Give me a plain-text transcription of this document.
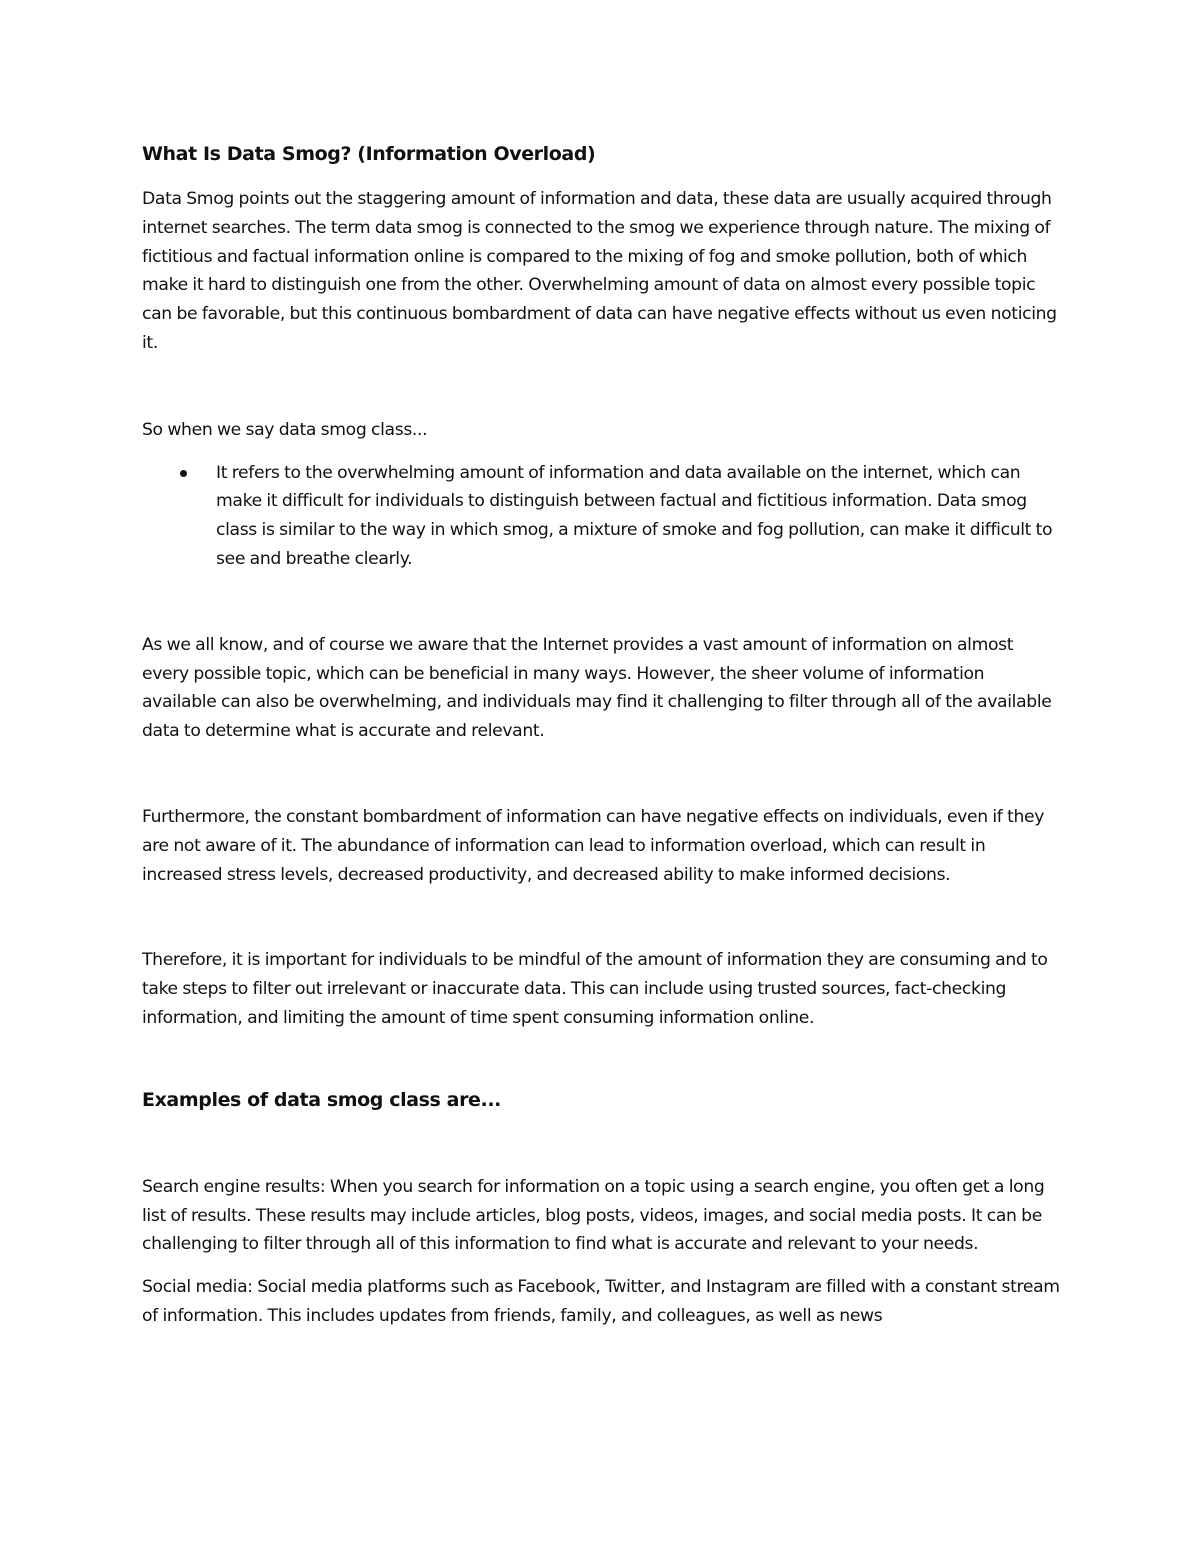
What Is Data Smog? (Information Overload)

Data Smog points out the staggering amount of information and data, these data are usually acquired through internet searches. The term data smog is connected to the smog we experience through nature. The mixing of fictitious and factual information online is compared to the mixing of fog and smoke pollution, both of which make it hard to distinguish one from the other. Overwhelming amount of data on almost every possible topic can be favorable, but this continuous bombardment of data can have negative effects without us even noticing it.

So when we say data smog class...

It refers to the overwhelming amount of information and data available on the internet, which can make it difficult for individuals to distinguish between factual and fictitious information. Data smog class is similar to the way in which smog, a mixture of smoke and fog pollution, can make it difficult to see and breathe clearly.

As we all know, and of course we aware that the Internet provides a vast amount of information on almost every possible topic, which can be beneficial in many ways. However, the sheer volume of information available can also be overwhelming, and individuals may find it challenging to filter through all of the available data to determine what is accurate and relevant.

Furthermore, the constant bombardment of information can have negative effects on individuals, even if they are not aware of it. The abundance of information can lead to information overload, which can result in increased stress levels, decreased productivity, and decreased ability to make informed decisions.

Therefore, it is important for individuals to be mindful of the amount of information they are consuming and to take steps to filter out irrelevant or inaccurate data. This can include using trusted sources, fact-checking information, and limiting the amount of time spent consuming information online.

Examples of data smog class are...

Search engine results: When you search for information on a topic using a search engine, you often get a long list of results. These results may include articles, blog posts, videos, images, and social media posts. It can be challenging to filter through all of this information to find what is accurate and relevant to your needs.

Social media: Social media platforms such as Facebook, Twitter, and Instagram are filled with a constant stream of information. This includes updates from friends, family, and colleagues, as well as news
